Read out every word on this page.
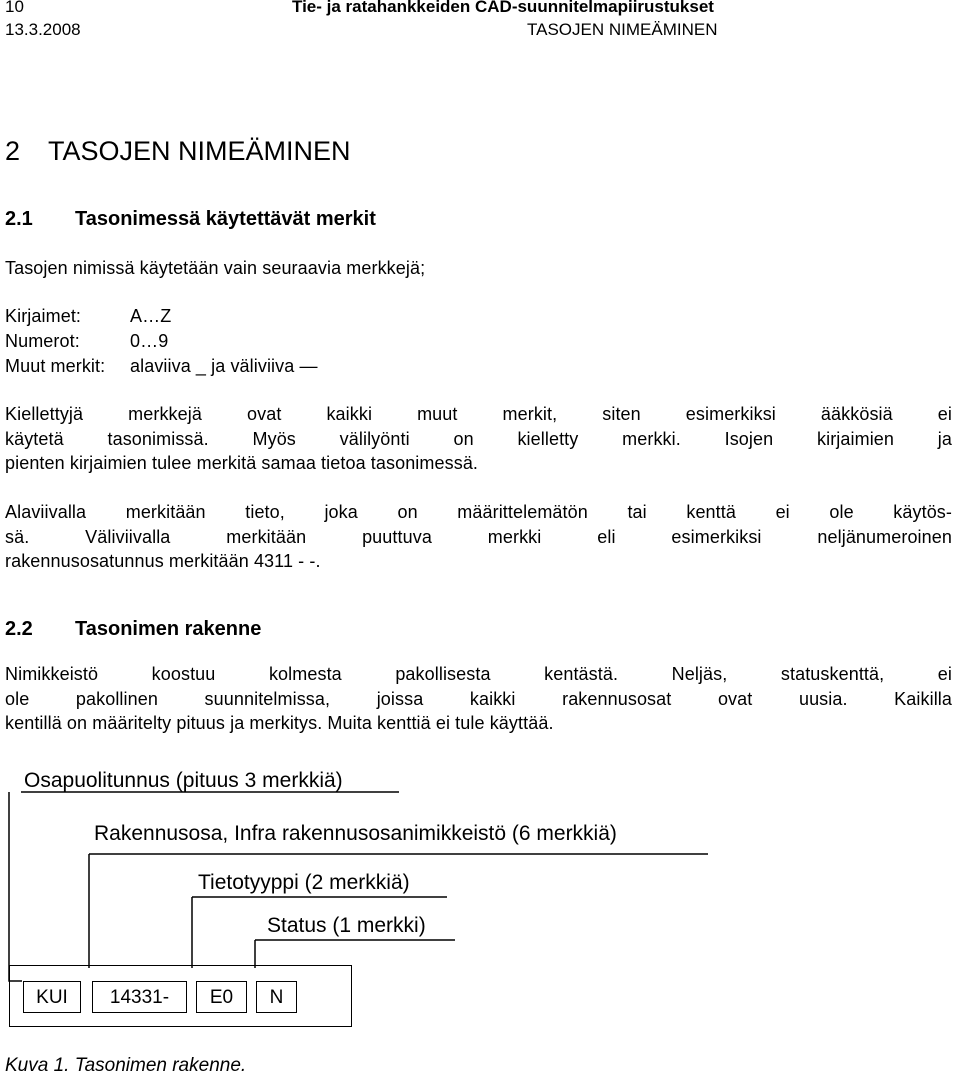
10	Tie- ja ratahankkeiden CAD-suunnitelmapiirustukset
13.3.2008	TASOJEN NIMEÄMINEN
2 TASOJEN NIMEÄMINEN
2.1 Tasonimessä käytettävät merkit
Tasojen nimissä käytetään vain seuraavia merkkejä;
Kirjaimet:	A…Z
Numerot:	0…9
Muut merkit: alaviiva _ ja väliviiva —
Kiellettyjä merkkejä ovat kaikki muut merkit, siten esimerkiksi ääkkösiä ei
käytetä tasonimissä. Myös välilyönti on kielletty merkki. Isojen kirjaimien ja
pienten kirjaimien tulee merkitä samaa tietoa tasonimessä.
Alaviivalla merkitään tieto, joka on määrittelemätön tai kenttä ei ole käytös-
sä. Väliviivalla merkitään puuttuva merkki eli esimerkiksi neljänumeroinen
rakennusosatunnus merkitään 4311 - -.
2.2 Tasonimen rakenne
Nimikkeistö koostuu kolmesta pakollisesta kentästä. Neljäs, statuskenttä, ei
ole pakollinen suunnitelmissa, joissa kaikki rakennusosat ovat uusia. Kaikilla
kentillä on määritelty pituus ja merkitys. Muita kenttiä ei tule käyttää.
Osapuolitunnus (pituus 3 merkkiä)
Rakennusosa, Infra rakennusosanimikkeistö (6 merkkiä)
Tietotyyppi (2 merkkiä)
Status (1 merkki)
KUI	14331-	E0	N
Kuva 1. Tasonimen rakenne.
